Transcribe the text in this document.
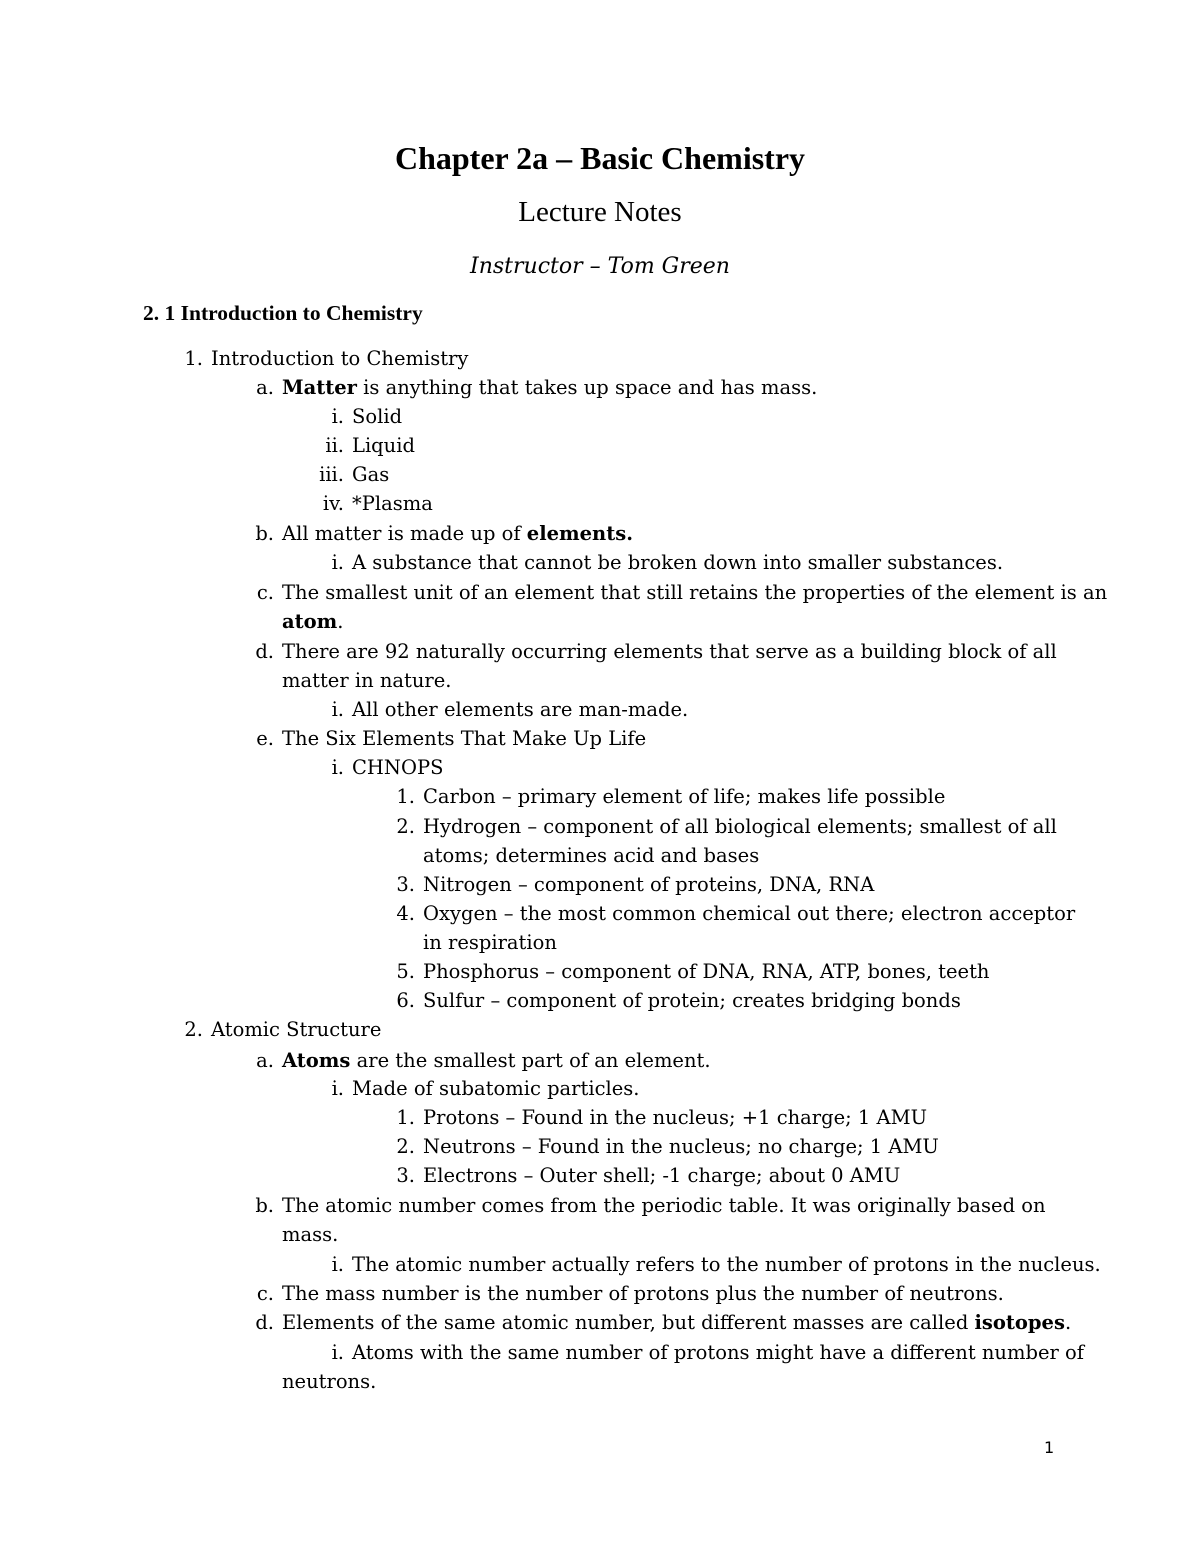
Chapter 2a – Basic Chemistry
Lecture Notes
Instructor – Tom Green
2. 1 Introduction to Chemistry
1. Introduction to Chemistry
a. Matter is anything that takes up space and has mass.
i. Solid
ii. Liquid
iii. Gas
iv. *Plasma
b. All matter is made up of elements.
i. A substance that cannot be broken down into smaller substances.
c. The smallest unit of an element that still retains the properties of the element is an
atom.
d. There are 92 naturally occurring elements that serve as a building block of all
matter in nature.
i. All other elements are man-made.
e. The Six Elements That Make Up Life
i. CHNOPS
1. Carbon – primary element of life; makes life possible
2. Hydrogen – component of all biological elements; smallest of all
atoms; determines acid and bases
3. Nitrogen – component of proteins, DNA, RNA
4. Oxygen – the most common chemical out there; electron acceptor
in respiration
5. Phosphorus – component of DNA, RNA, ATP, bones, teeth
6. Sulfur – component of protein; creates bridging bonds
2. Atomic Structure
a. Atoms are the smallest part of an element.
i. Made of subatomic particles.
1. Protons – Found in the nucleus; +1 charge; 1 AMU
2. Neutrons – Found in the nucleus; no charge; 1 AMU
3. Electrons – Outer shell; -1 charge; about 0 AMU
b. The atomic number comes from the periodic table. It was originally based on
mass.
i. The atomic number actually refers to the number of protons in the nucleus.
c. The mass number is the number of protons plus the number of neutrons.
d. Elements of the same atomic number, but different masses are called isotopes.
i. Atoms with the same number of protons might have a different number of
neutrons.
1
